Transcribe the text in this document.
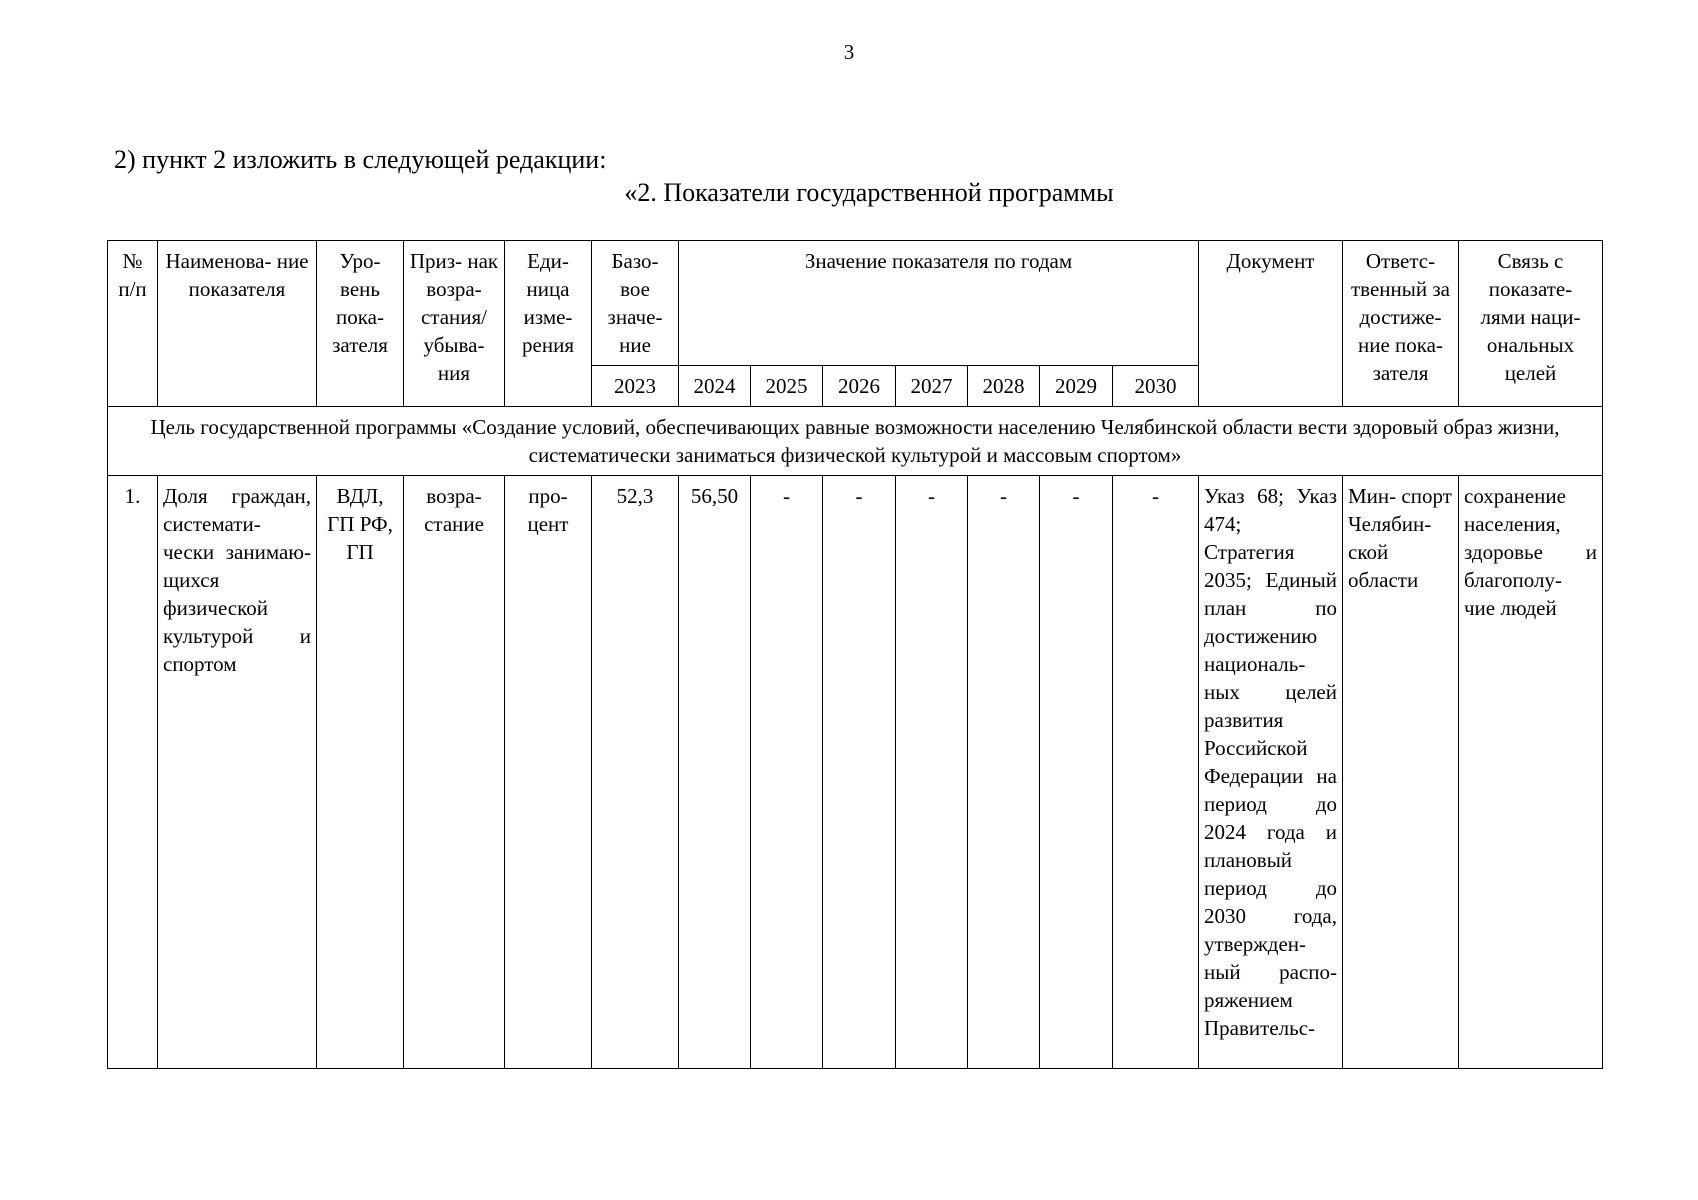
3
2) пункт 2 изложить в следующей редакции:
«2. Показатели государственной программы
№ п/п	Наименова- ние показателя	Уро- вень пока- зателя	Приз- нак возра- стания/ убыва- ния	Еди- ница изме- рения	Базо- вое значе- ние	Значение показателя по годам							Документ	Ответс- твенный за достиже- ние пока- зателя	Связь с показате- лями наци- ональных целей
					2023	2024	2025	2026	2027	2028	2029	2030			
Цель государственной программы «Создание условий, обеспечивающих равные возможности населению Челябинской области вести здоровый образ жизни, систематически заниматься физической культурой и массовым спортом»															
1.	Доля граждан, системати- чески занимаю- щихся физической культурой и спортом	ВДЛ, ГП РФ, ГП	возра- стание	про- цент	52,3	56,50	-	-	-	-	-	-	Указ 68; Указ 474; Стратегия 2035; Единый план по достижению националь- ных целей развития Российской Федерации на период до 2024 года и плановый период до 2030 года, утвержден- ный распо- ряжением Правительс-	Мин- спорт Челябин- ской области	сохранение населения, здоровье и благополу- чие людей
